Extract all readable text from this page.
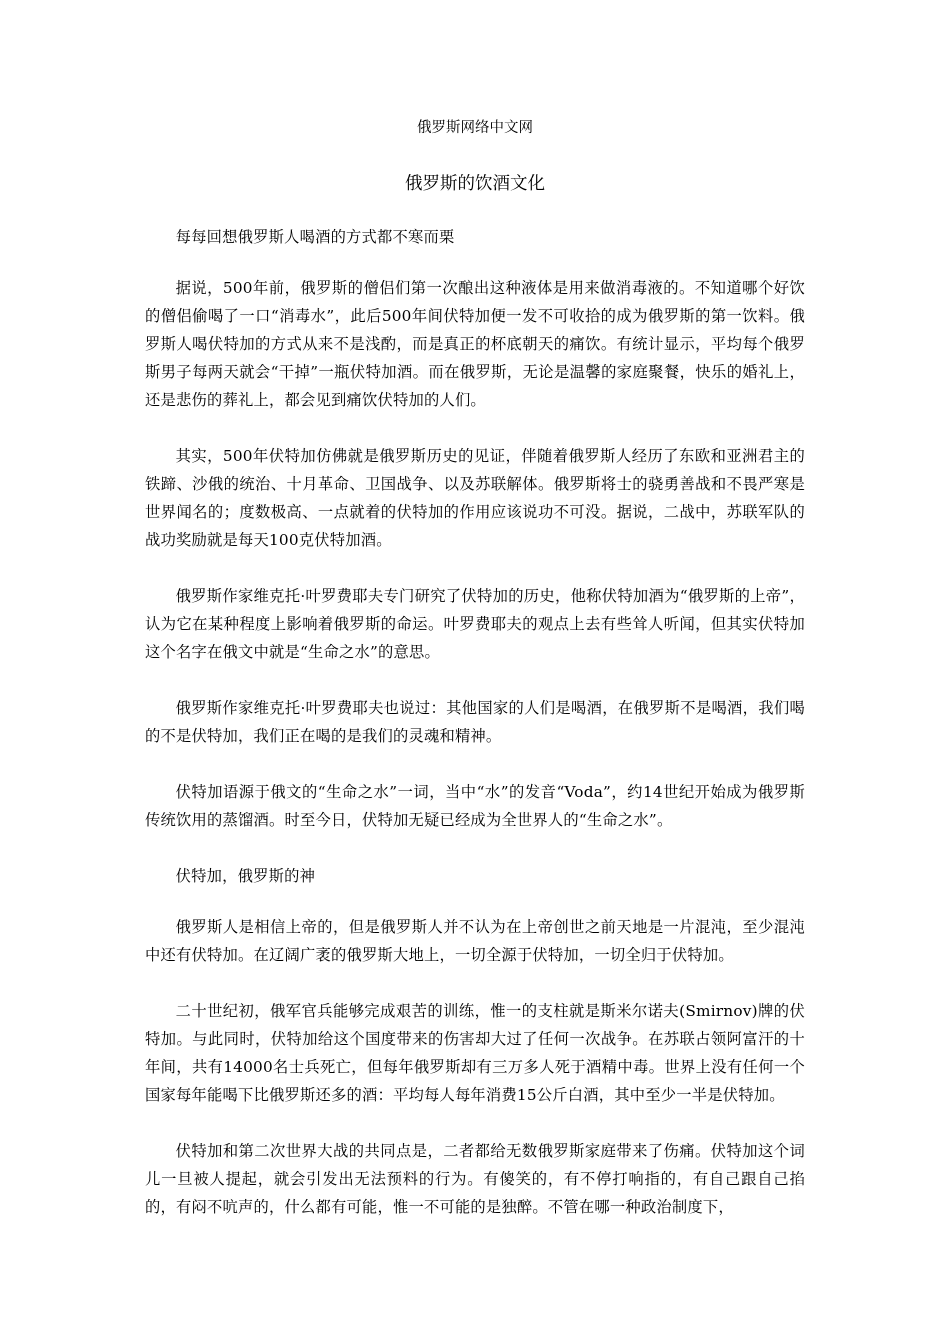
俄罗斯网络中文网
俄罗斯的饮酒文化

每每回想俄罗斯人喝酒的方式都不寒而栗

据说，500年前，俄罗斯的僧侣们第一次酿出这种液体是用来做消毒液的。不知道哪个好饮的僧侣偷喝了一口“消毒水”，此后500年间伏特加便一发不可收拾的成为俄罗斯的第一饮料。俄罗斯人喝伏特加的方式从来不是浅酌，而是真正的杯底朝天的痛饮。有统计显示，平均每个俄罗斯男子每两天就会“干掉”一瓶伏特加酒。而在俄罗斯，无论是温馨的家庭聚餐，快乐的婚礼上，还是悲伤的葬礼上，都会见到痛饮伏特加的人们。

其实，500年伏特加仿佛就是俄罗斯历史的见证，伴随着俄罗斯人经历了东欧和亚洲君主的铁蹄、沙俄的统治、十月革命、卫国战争、以及苏联解体。俄罗斯将士的骁勇善战和不畏严寒是世界闻名的；度数极高、一点就着的伏特加的作用应该说功不可没。据说，二战中，苏联军队的战功奖励就是每天100克伏特加酒。

俄罗斯作家维克托·叶罗费耶夫专门研究了伏特加的历史，他称伏特加酒为“俄罗斯的上帝”，认为它在某种程度上影响着俄罗斯的命运。叶罗费耶夫的观点上去有些耸人听闻，但其实伏特加这个名字在俄文中就是“生命之水”的意思。

俄罗斯作家维克托·叶罗费耶夫也说过：其他国家的人们是喝酒，在俄罗斯不是喝酒，我们喝的不是伏特加，我们正在喝的是我们的灵魂和精神。

伏特加语源于俄文的“生命之水”一词，当中“水”的发音“Voda”，约14世纪开始成为俄罗斯传统饮用的蒸馏酒。时至今日，伏特加无疑已经成为全世界人的“生命之水”。

伏特加，俄罗斯的神

俄罗斯人是相信上帝的，但是俄罗斯人并不认为在上帝创世之前天地是一片混沌，至少混沌中还有伏特加。在辽阔广袤的俄罗斯大地上，一切全源于伏特加，一切全归于伏特加。

二十世纪初，俄军官兵能够完成艰苦的训练，惟一的支柱就是斯米尔诺夫(Smirnov)牌的伏特加。与此同时，伏特加给这个国度带来的伤害却大过了任何一次战争。在苏联占领阿富汗的十年间，共有14000名士兵死亡，但每年俄罗斯却有三万多人死于酒精中毒。世界上没有任何一个国家每年能喝下比俄罗斯还多的酒：平均每人每年消费15公斤白酒，其中至少一半是伏特加。

伏特加和第二次世界大战的共同点是，二者都给无数俄罗斯家庭带来了伤痛。伏特加这个词儿一旦被人提起，就会引发出无法预料的行为。有傻笑的，有不停打响指的，有自己跟自己掐的，有闷不吭声的，什么都有可能，惟一不可能的是独醉。不管在哪一种政治制度下，
